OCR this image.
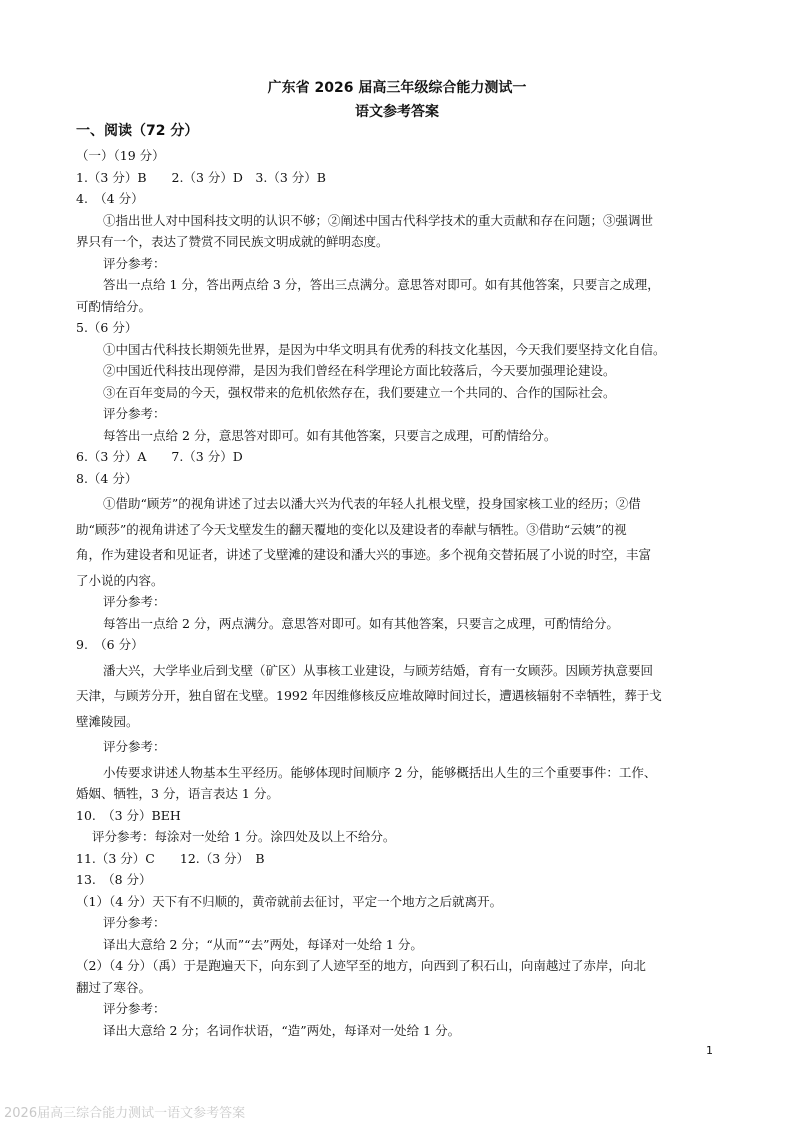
广东省 2026 届高三年级综合能力测试一
语文参考答案
一、阅读（72 分）

（一）（19 分）

1.（3 分）B　　2.（3 分）D　3.（3 分）B

4.　（4 分）

①指出世人对中国科技文明的认识不够；②阐述中国古代科学技术的重大贡献和存在问题；③强调世

界只有一个，表达了赞赏不同民族文明成就的鲜明态度。

评分参考：

答出一点给 1 分，答出两点给 3 分，答出三点满分。意思答对即可。如有其他答案，只要言之成理，

可酌情给分。

5.（6 分）

①中国古代科技长期领先世界，是因为中华文明具有优秀的科技文化基因，今天我们要坚持文化自信。

②中国近代科技出现停滞，是因为我们曾经在科学理论方面比较落后，今天要加强理论建设。

③在百年变局的今天，强权带来的危机依然存在，我们要建立一个共同的、合作的国际社会。

评分参考：

每答出一点给 2 分，意思答对即可。如有其他答案，只要言之成理，可酌情给分。

6.（3 分）A　　7.（3 分）D

8.（4 分）

①借助“顾芳”的视角讲述了过去以潘大兴为代表的年轻人扎根戈壁，投身国家核工业的经历；②借

助“顾莎”的视角讲述了今天戈壁发生的翻天覆地的变化以及建设者的奉献与牺牲。③借助“云姨”的视

角，作为建设者和见证者，讲述了戈壁滩的建设和潘大兴的事迹。多个视角交替拓展了小说的时空，丰富

了小说的内容。

评分参考：

每答出一点给 2 分，两点满分。意思答对即可。如有其他答案，只要言之成理，可酌情给分。

9.　（6 分）

潘大兴，大学毕业后到戈壁（矿区）从事核工业建设，与顾芳结婚，育有一女顾莎。因顾芳执意要回

天津，与顾芳分开，独自留在戈壁。1992 年因维修核反应堆故障时间过长，遭遇核辐射不幸牺牲，葬于戈

壁滩陵园。

评分参考：

小传要求讲述人物基本生平经历。能够体现时间顺序 2 分，能够概括出人生的三个重要事件：工作、

婚姻、牺牲，3 分，语言表达 1 分。

10.　（3 分）BEH

评分参考：每涂对一处给 1 分。涂四处及以上不给分。

11.（3 分）C　　12.（3 分）　B

13.　（8 分）

（1）（4 分）天下有不归顺的，黄帝就前去征讨，平定一个地方之后就离开。

评分参考：

译出大意给 2 分；“从而”“去”两处，每译对一处给 1 分。

（2）（4 分）（禹）于是跑遍天下，向东到了人迹罕至的地方，向西到了积石山，向南越过了赤岸，向北

翻过了寒谷。

评分参考：

译出大意给 2 分；名词作状语，“造”两处，每译对一处给 1 分。

1
2026届高三综合能力测试一语文参考答案
